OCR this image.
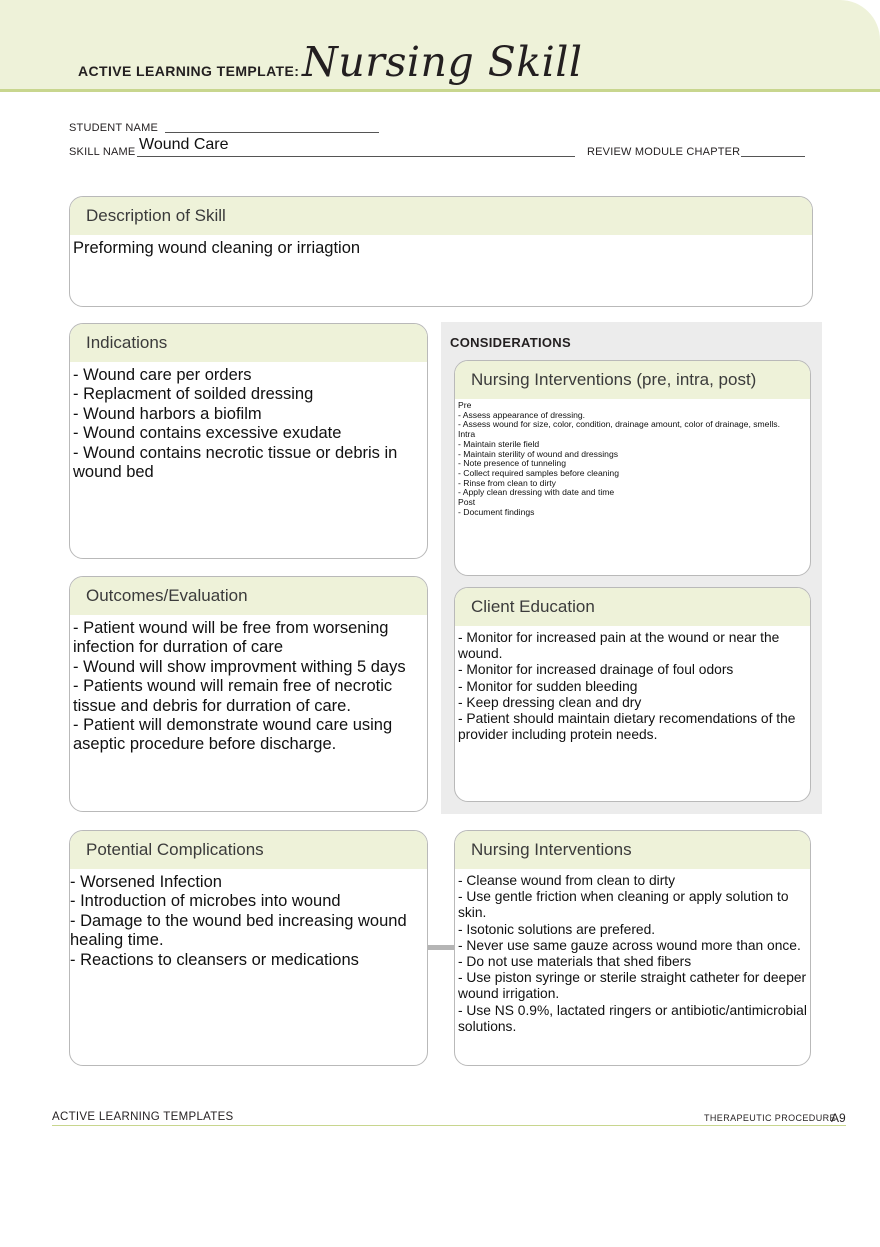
ACTIVE LEARNING TEMPLATE: Nursing Skill
STUDENT NAME
SKILL NAME Wound Care	REVIEW MODULE CHAPTER
Description of Skill
Preforming wound cleaning or irriagtion
CONSIDERATIONS
Indications
- Wound care per orders
- Replacment of soilded dressing
- Wound harbors a biofilm
- Wound contains excessive exudate
- Wound contains necrotic tissue or debris in wound bed
Nursing Interventions (pre, intra, post)
Pre
- Assess appearance of dressing.
- Assess wound for size, color, condition, drainage amount, color of drainage, smells.
Intra
- Maintain sterile field
- Maintain sterility of wound and dressings
- Note presence of tunneling
- Collect required samples before cleaning
- Rinse from clean to dirty
- Apply clean dressing with date and time
Post
- Document findings
Outcomes/Evaluation
- Patient wound will be free from worsening infection for durration of care
- Wound will show improvment withing 5 days
- Patients wound will remain free of necrotic tissue and debris for durration of care.
- Patient will demonstrate wound care using aseptic procedure before discharge.
Client Education
- Monitor for increased pain at the wound or near the wound.
- Monitor for increased drainage of foul odors
- Monitor for sudden bleeding
- Keep dressing clean and dry
- Patient should maintain dietary recomendations of the provider including protein needs.
Potential Complications
- Worsened Infection
- Introduction of microbes into wound
- Damage to the wound bed increasing wound healing time.
- Reactions to cleansers or medications
Nursing Interventions
- Cleanse wound from clean to dirty
- Use gentle friction when cleaning or apply solution to skin.
- Isotonic solutions are prefered.
- Never use same gauze across wound more than once.
- Do not use materials that shed fibers
- Use piston syringe or sterile straight catheter for deeper wound irrigation.
- Use NS 0.9%, lactated ringers or antibiotic/antimicrobial solutions.
ACTIVE LEARNING TEMPLATES	THERAPEUTIC PROCEDURE
A9
